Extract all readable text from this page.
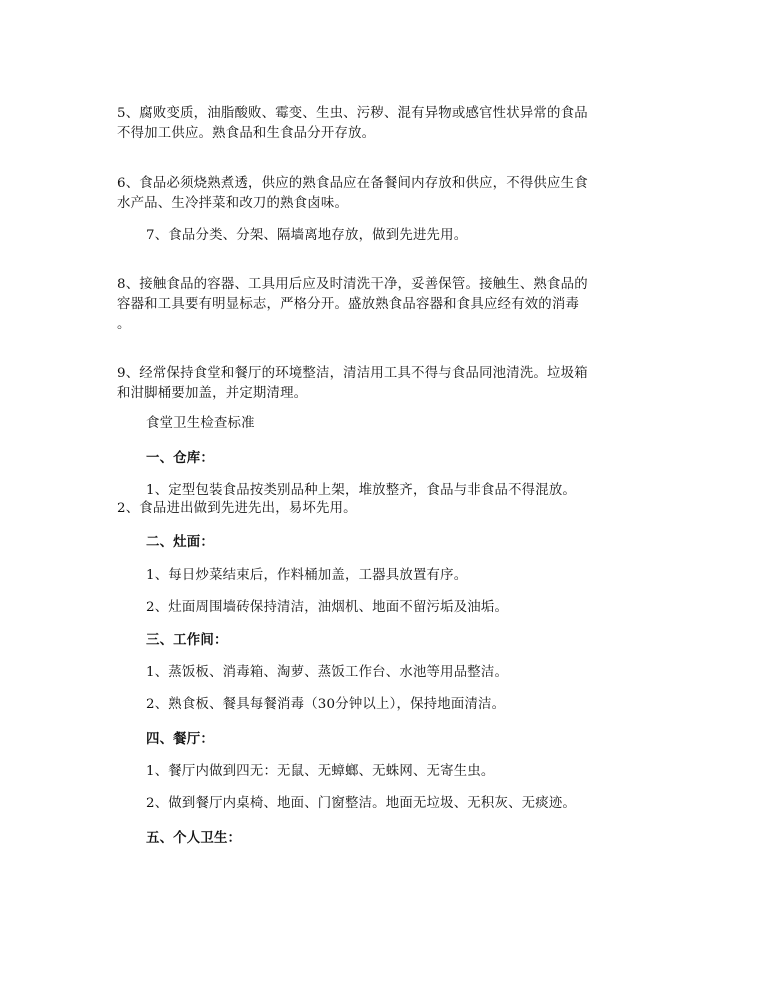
5、腐败变质，油脂酸败、霉变、生虫、污秽、混有异物或感官性状异常的食品
不得加工供应。熟食品和生食品分开存放。
6、食品必须烧熟煮透，供应的熟食品应在备餐间内存放和供应，不得供应生食
水产品、生冷拌菜和改刀的熟食卤味。
7、食品分类、分架、隔墙离地存放，做到先进先用。
8、接触食品的容器、工具用后应及时清洗干净，妥善保管。接触生、熟食品的
容器和工具要有明显标志，严格分开。盛放熟食品容器和食具应经有效的消毒
。
9、经常保持食堂和餐厅的环境整洁，清洁用工具不得与食品同池清洗。垃圾箱
和泔脚桶要加盖，并定期清理。
食堂卫生检查标准
一、仓库：
1、定型包装食品按类别品种上架，堆放整齐，食品与非食品不得混放。
2、食品进出做到先进先出，易坏先用。
二、灶面：
1、每日炒菜结束后，作料桶加盖，工器具放置有序。
2、灶面周围墙砖保持清洁，油烟机、地面不留污垢及油垢。
三、工作间：
1、蒸饭板、消毒箱、淘萝、蒸饭工作台、水池等用品整洁。
2、熟食板、餐具每餐消毒（30分钟以上），保持地面清洁。
四、餐厅：
1、餐厅内做到四无：无鼠、无蟑螂、无蛛网、无寄生虫。
2、做到餐厅内桌椅、地面、门窗整洁。地面无垃圾、无积灰、无痰迹。
五、个人卫生：
